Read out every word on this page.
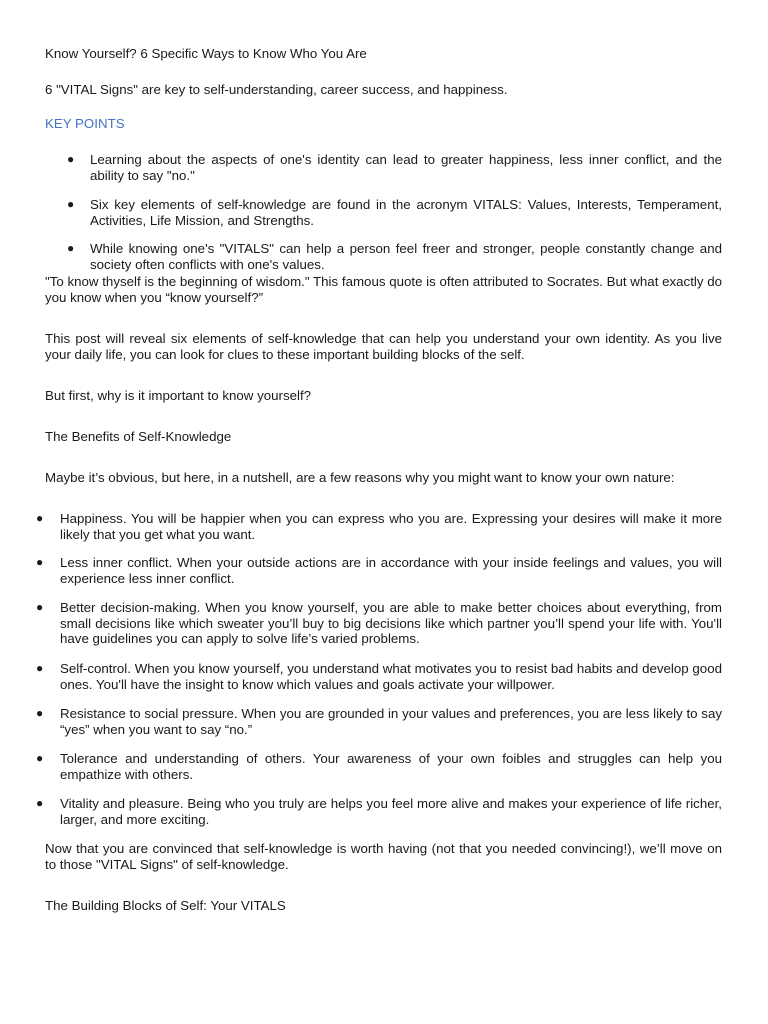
Know Yourself? 6 Specific Ways to Know Who You Are

6 "VITAL Signs" are key to self-understanding, career success, and happiness.

KEY POINTS

● Learning about the aspects of one's identity can lead to greater happiness, less inner conflict, and the ability to say "no."
● Six key elements of self-knowledge are found in the acronym VITALS: Values, Interests, Temperament, Activities, Life Mission, and Strengths.
● While knowing one's "VITALS" can help a person feel freer and stronger, people constantly change and society often conflicts with one's values.

"To know thyself is the beginning of wisdom." This famous quote is often attributed to Socrates. But what exactly do you know when you “know yourself?”

This post will reveal six elements of self-knowledge that can help you understand your own identity. As you live your daily life, you can look for clues to these important building blocks of the self.

But first, why is it important to know yourself?

The Benefits of Self-Knowledge

Maybe it’s obvious, but here, in a nutshell, are a few reasons why you might want to know your own nature:

● Happiness. You will be happier when you can express who you are. Expressing your desires will make it more likely that you get what you want.
● Less inner conflict. When your outside actions are in accordance with your inside feelings and values, you will experience less inner conflict.
● Better decision-making. When you know yourself, you are able to make better choices about everything, from small decisions like which sweater you’ll buy to big decisions like which partner you’ll spend your life with. You'll have guidelines you can apply to solve life’s varied problems.
● Self-control. When you know yourself, you understand what motivates you to resist bad habits and develop good ones. You'll have the insight to know which values and goals activate your willpower.
● Resistance to social pressure. When you are grounded in your values and preferences, you are less likely to say “yes” when you want to say “no.”
● Tolerance and understanding of others. Your awareness of your own foibles and struggles can help you empathize with others.
● Vitality and pleasure. Being who you truly are helps you feel more alive and makes your experience of life richer, larger, and more exciting.

Now that you are convinced that self-knowledge is worth having (not that you needed convincing!), we’ll move on to those "VITAL Signs" of self-knowledge.

The Building Blocks of Self: Your VITALS
